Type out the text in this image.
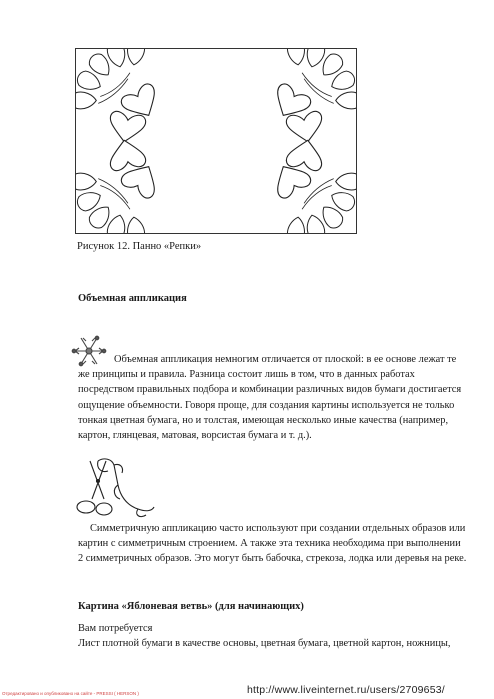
Рисунок 12. Панно «Репки»
Объемная аппликация

Объемная аппликация немногим отличается от плоской: в ее основе лежат те же принципы и правила. Разница состоит лишь в том, что в данных работах посредством правильных подбора и комбинации различных видов бумаги достигается ощущение объемности. Говоря проще, для создания картины используется не только тонкая цветная бумага, но и толстая, имеющая несколько иные качества (например, картон, глянцевая, матовая, ворсистая бумага и т. д.).

Симметричную аппликацию часто используют при создании отдельных образов или картин с симметричным строением. А также эта техника необходима при выполнении 2 симметричных образов. Это могут быть бабочка, стрекоза, лодка или деревья на реке.

Картина «Яблоневая ветвь» (для начинающих)
Вам потребуется
Лист плотной бумаги в качестве основы, цветная бумага, цветной картон, ножницы,
Отредактировано и опубликовано на сайте - PRESSI ( HERSON )	http://www.liveinternet.ru/users/2709653/
